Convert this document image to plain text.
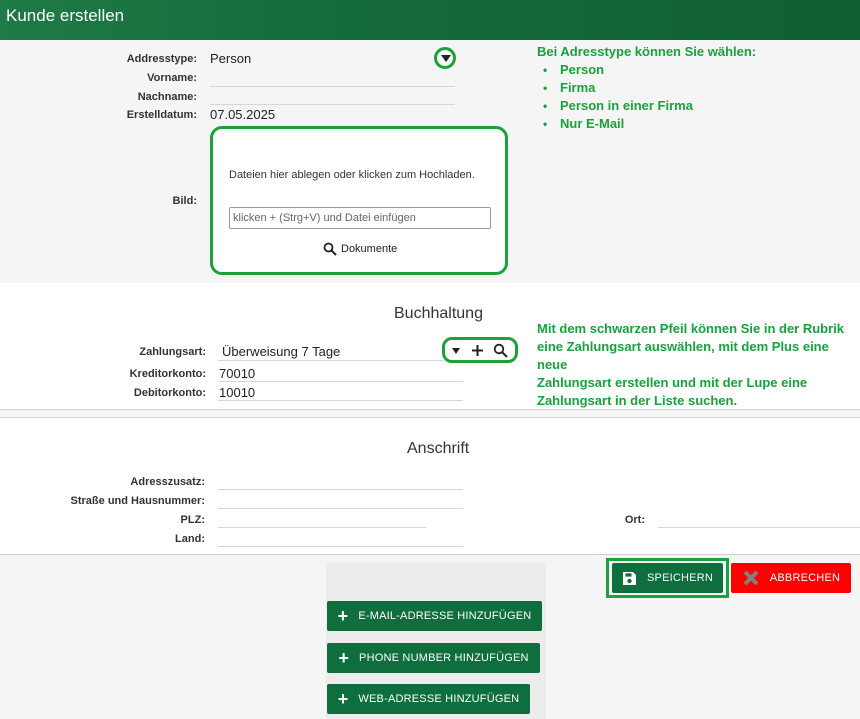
Kunde erstellen
Addresstype: Person
Vorname:
Nachname:
Erstelldatum: 07.05.2025
Bild:
Dateien hier ablegen oder klicken zum Hochladen.
klicken + (Strg+V) und Datei einfügen
Dokumente
Bei Adresstype können Sie wählen:
• Person
• Firma
• Person in einer Firma
• Nur E-Mail
Buchhaltung
Zahlungsart: Überweisung 7 Tage
Kreditorkonto: 70010
Debitorkonto: 10010
Mit dem schwarzen Pfeil können Sie in der Rubrik
eine Zahlungsart auswählen, mit dem Plus eine neue
Zahlungsart erstellen und mit der Lupe eine
Zahlungsart in der Liste suchen.
Anschrift
Adresszusatz:
Straße und Hausnummer:
PLZ:	Ort:
Land:
SPEICHERN	ABBRECHEN
+ E-MAIL-ADRESSE HINZUFÜGEN
+ PHONE NUMBER HINZUFÜGEN
+ WEB-ADRESSE HINZUFÜGEN
